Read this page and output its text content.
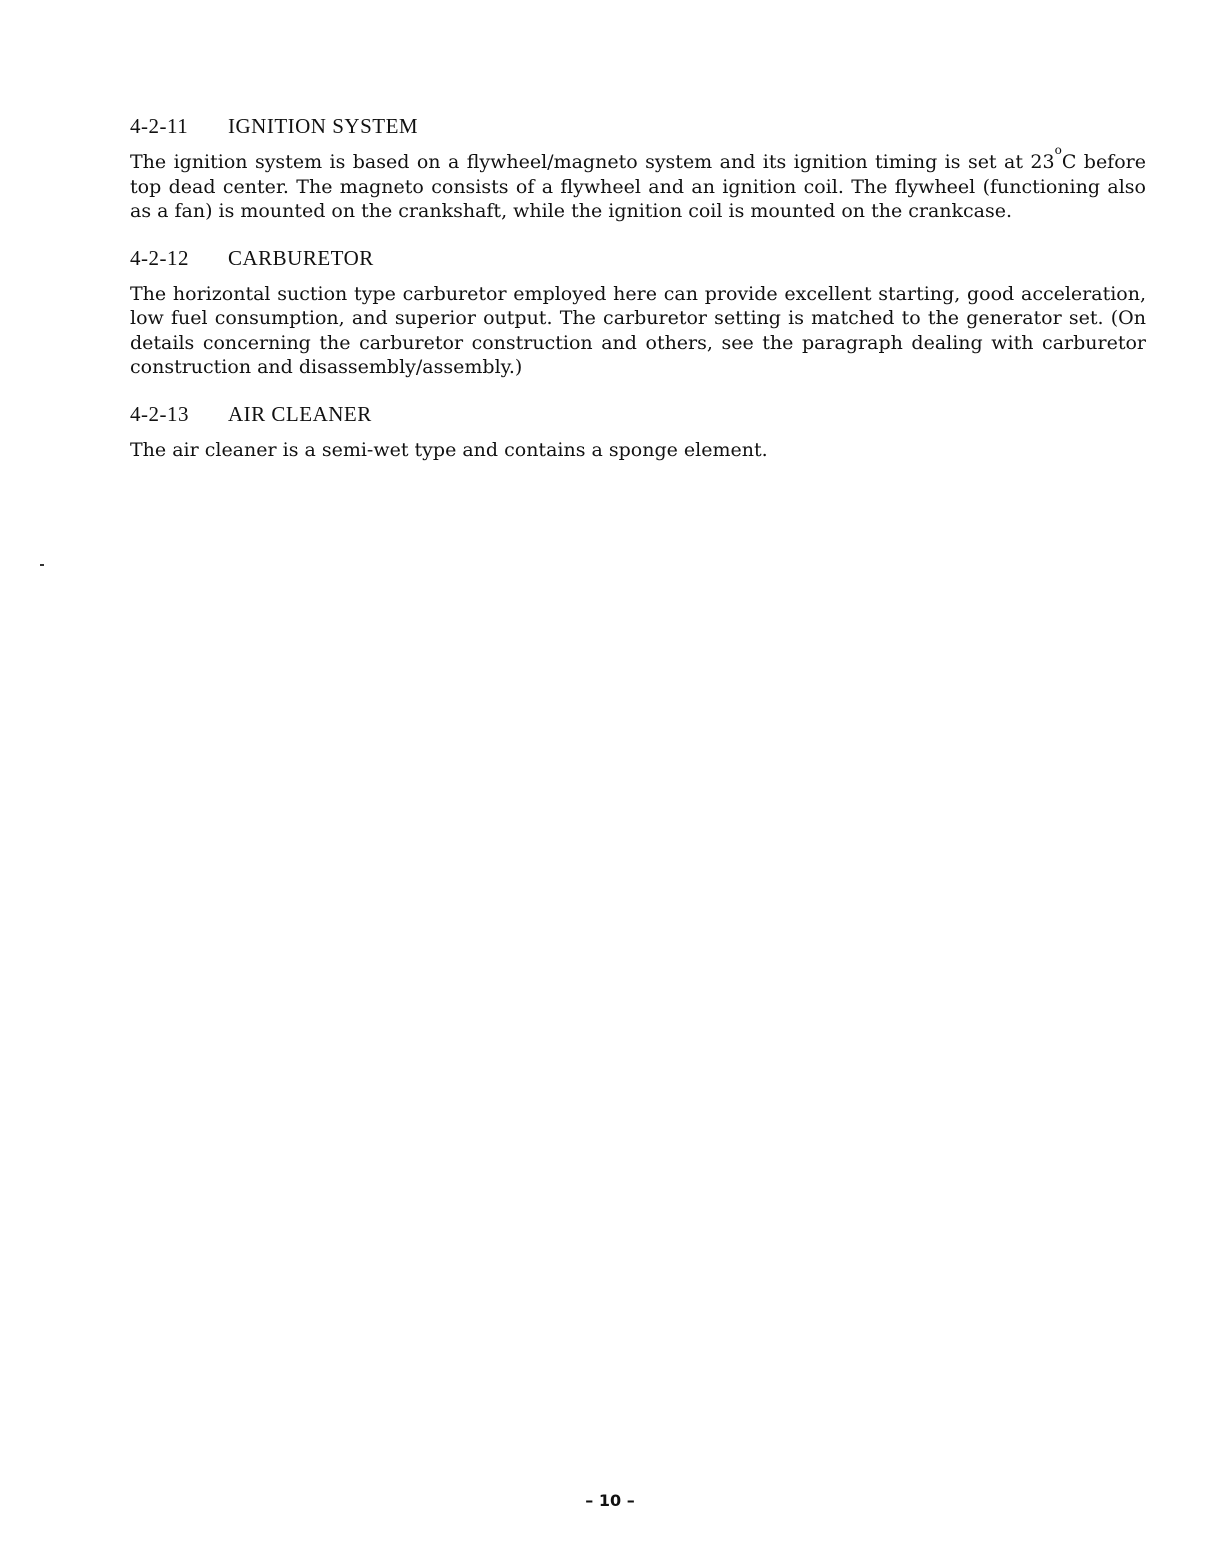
4-2-11 IGNITION SYSTEM

The ignition system is based on a flywheel/magneto system and its ignition timing is set at 23$^o$C before top dead center. The magneto consists of a flywheel and an ignition coil. The flywheel (functioning also as a fan) is mounted on the crankshaft, while the ignition coil is mounted on the crankcase.

4-2-12 CARBURETOR

The horizontal suction type carburetor employed here can provide excellent starting, good acceleration, low fuel consumption, and superior output. The carburetor setting is matched to the generator set. (On details concerning the carburetor construction and others, see the paragraph dealing with carburetor construction and disassembly/assembly.)

4-2-13 AIR CLEANER

The air cleaner is a semi-wet type and contains a sponge element.

– 10 –
